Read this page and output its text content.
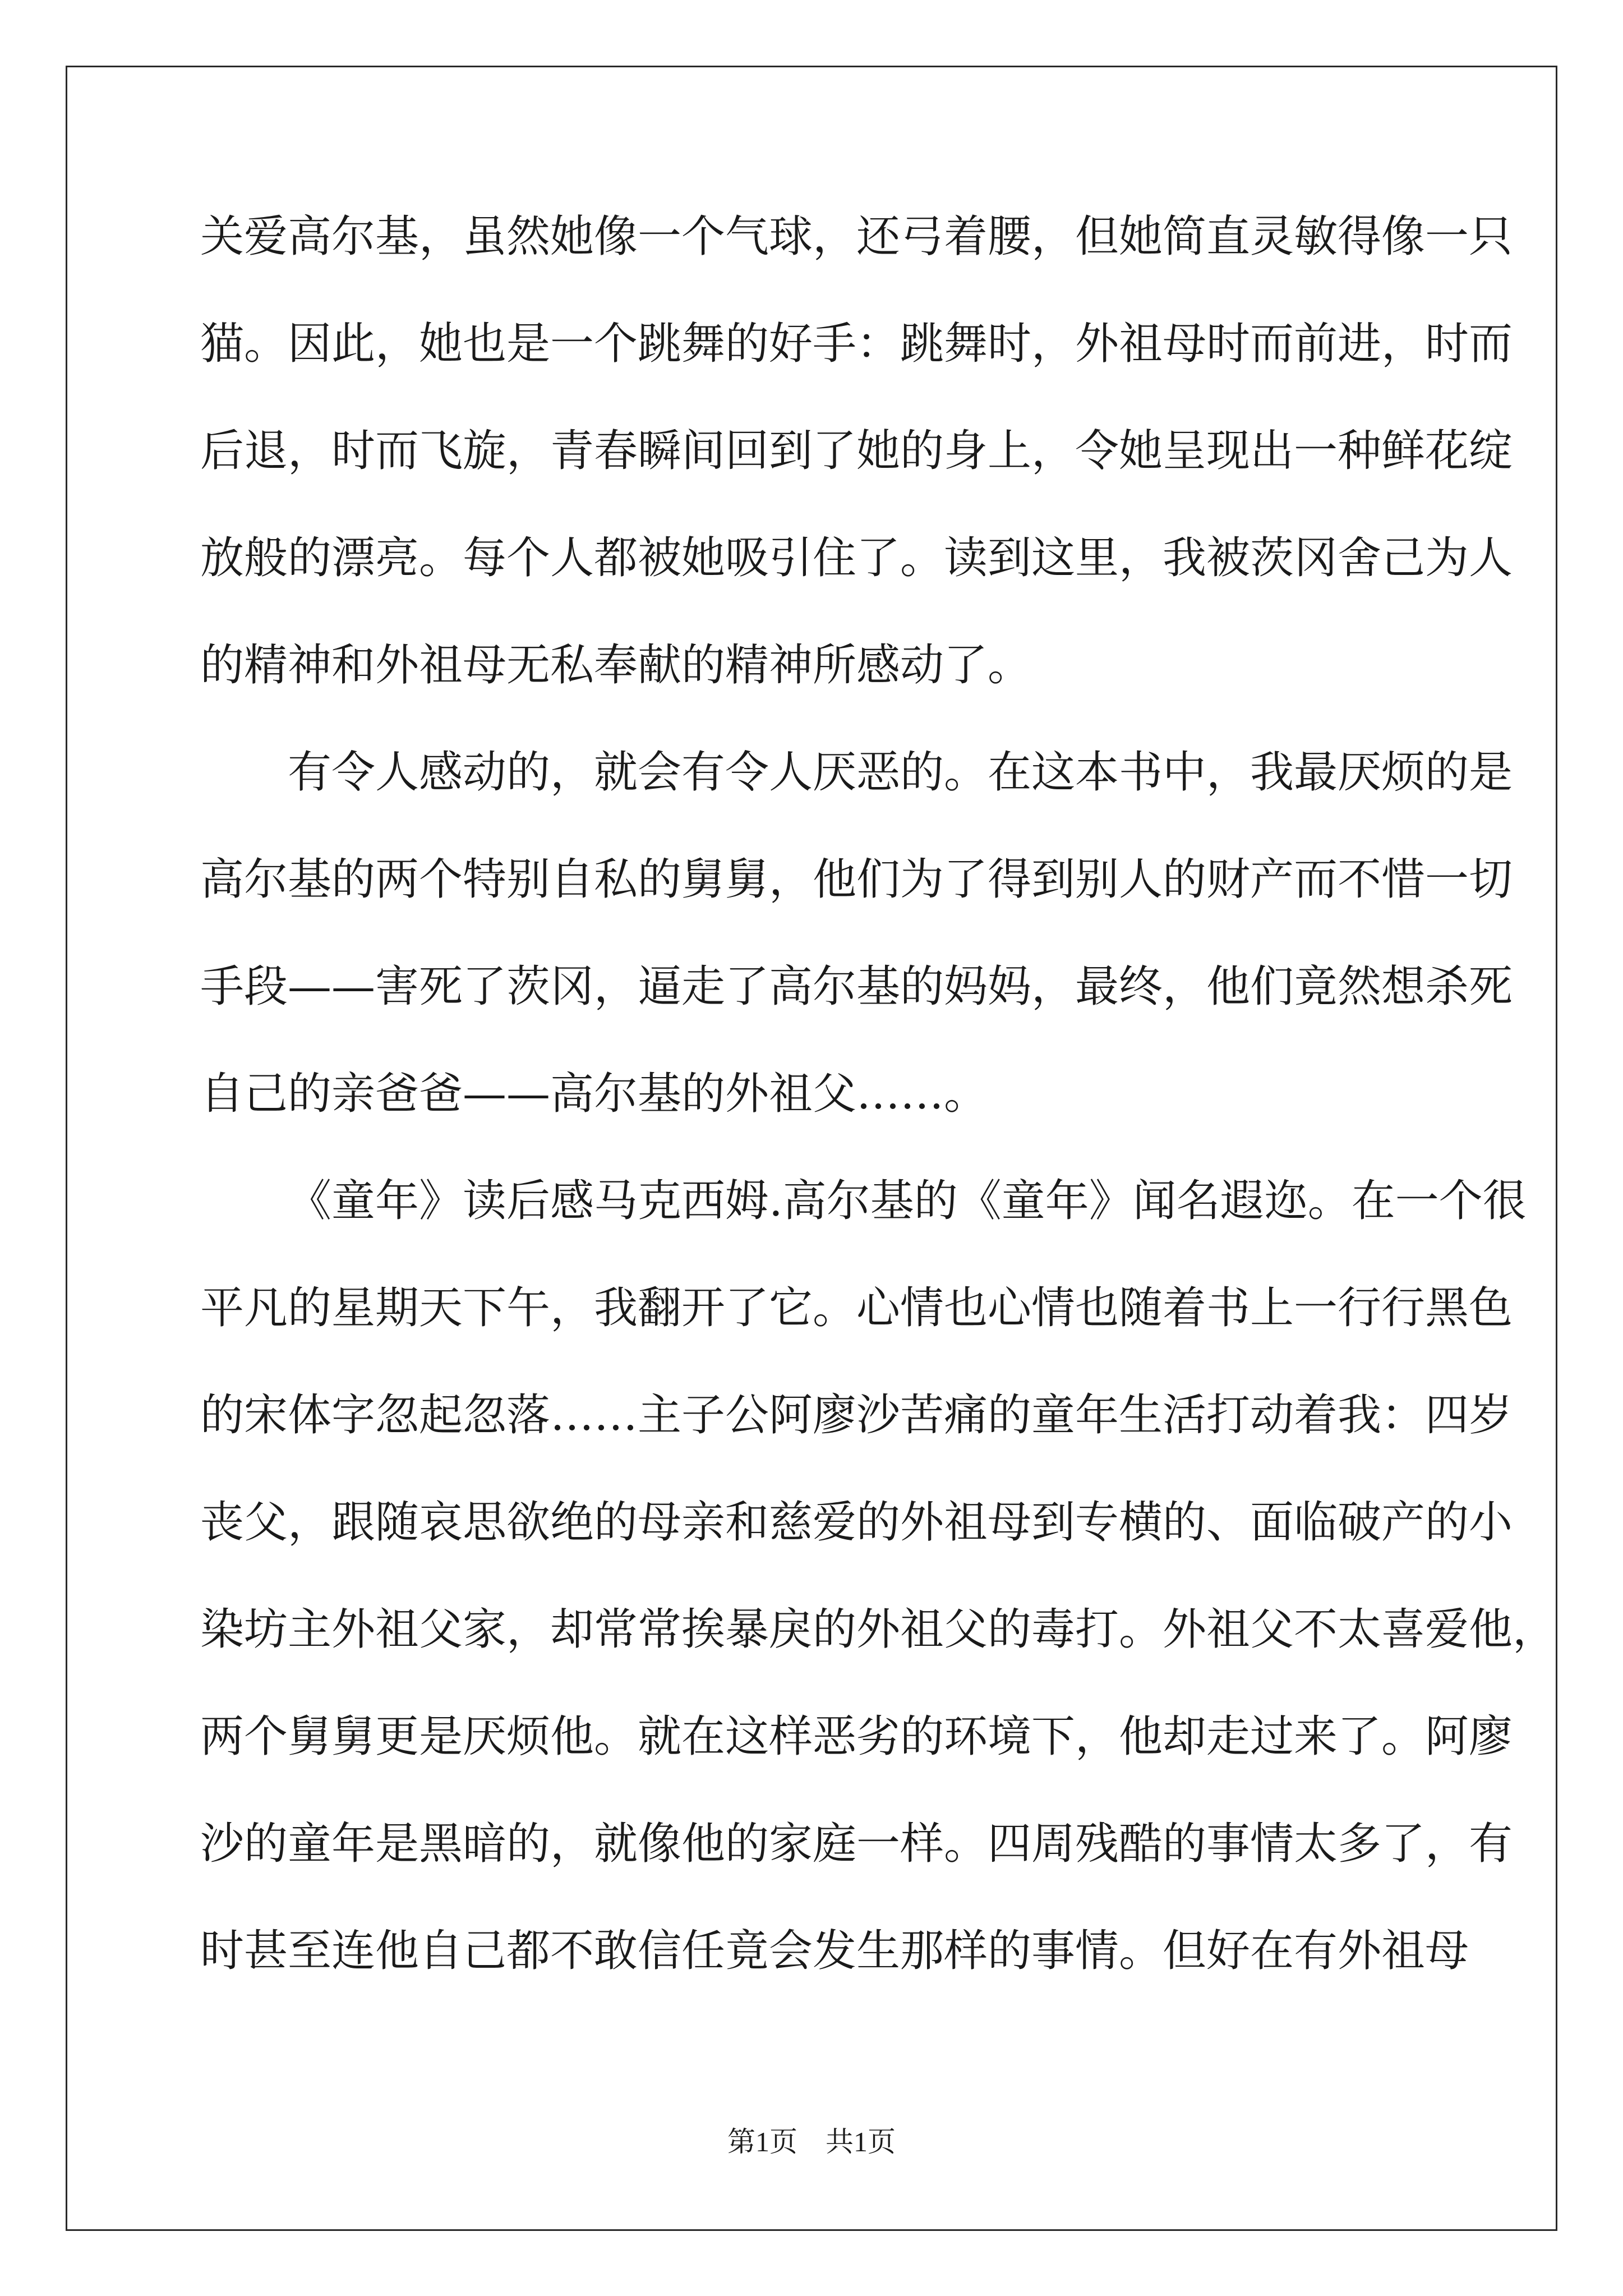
关爱高尔基，虽然她像一个气球，还弓着腰，但她简直灵敏得像一只
猫。因此，她也是一个跳舞的好手：跳舞时，外祖母时而前进，时而
后退，时而飞旋，青春瞬间回到了她的身上，令她呈现出一种鲜花绽
放般的漂亮。每个人都被她吸引住了。读到这里，我被茨冈舍己为人
的精神和外祖母无私奉献的精神所感动了。
有令人感动的，就会有令人厌恶的。在这本书中，我最厌烦的是
高尔基的两个特别自私的舅舅，他们为了得到别人的财产而不惜一切
手段——害死了茨冈，逼走了高尔基的妈妈，最终，他们竟然想杀死
自己的亲爸爸——高尔基的外祖父……。
《童年》读后感马克西姆.高尔基的《童年》闻名遐迩。在一个很
平凡的星期天下午，我翻开了它。心情也心情也随着书上一行行黑色
的宋体字忽起忽落……主子公阿廖沙苦痛的童年生活打动着我：四岁
丧父，跟随哀思欲绝的母亲和慈爱的外祖母到专横的、面临破产的小
染坊主外祖父家，却常常挨暴戾的外祖父的毒打。外祖父不太喜爱他，
两个舅舅更是厌烦他。就在这样恶劣的环境下，他却走过来了。阿廖
沙的童年是黑暗的，就像他的家庭一样。四周残酷的事情太多了，有
时甚至连他自己都不敢信任竟会发生那样的事情。但好在有外祖母
第1页 共1页
